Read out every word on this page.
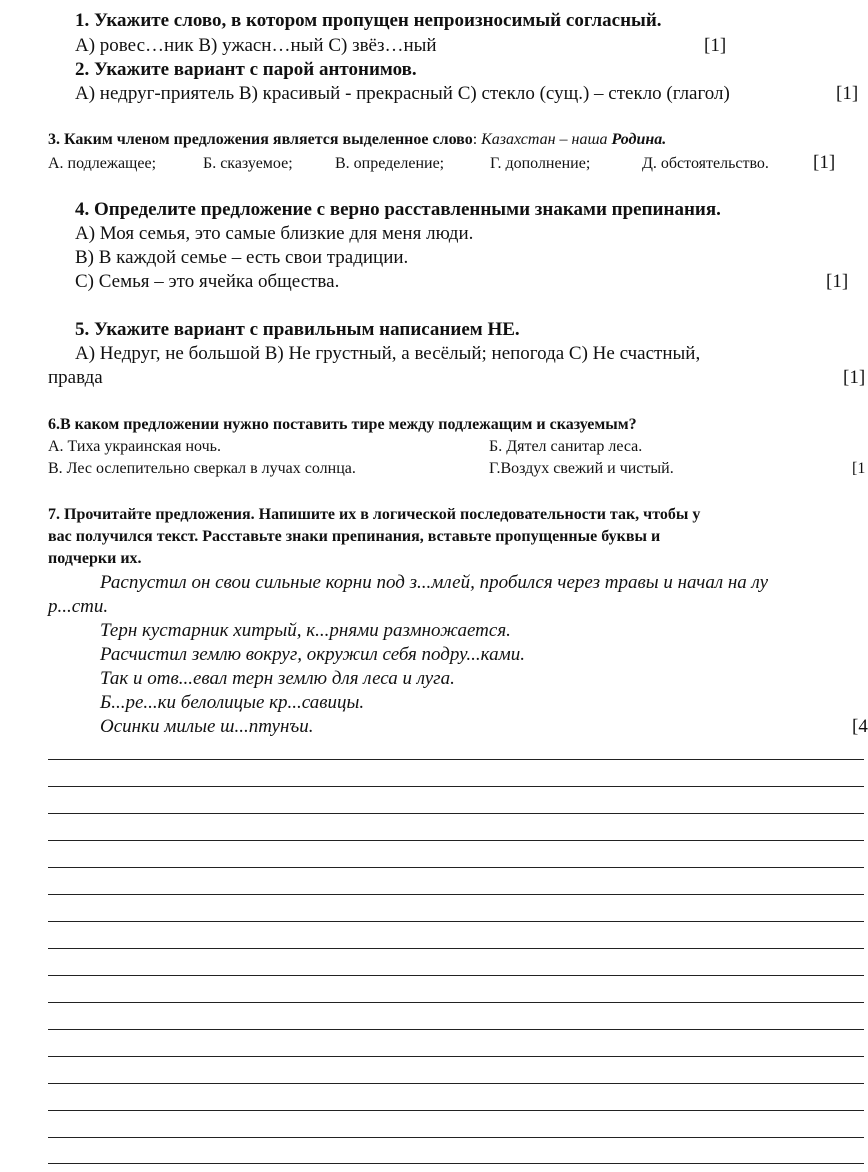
1. Укажите слово, в котором пропущен непроизносимый согласный.
А) ровес…ник В) ужасн…ный С) звёз…ный	[1]
2. Укажите вариант с парой антонимов.
А) недруг-приятель В) красивый - прекрасный С) стекло (сущ.) – стекло (глагол)	[1]
3. Каким членом предложения является выделенное слово: Казахстан – наша Родина.
А. подлежащее;	Б. сказуемое;	В. определение;	Г. дополнение;	Д. обстоятельство. [1]
4. Определите предложение с верно расставленными знаками препинания.
А) Моя семья, это самые близкие для меня люди.
В) В каждой семье – есть свои традиции.
С) Семья – это ячейка общества.	[1]
5. Укажите вариант с правильным написанием НЕ.
А) Недруг, не большой В) Не грустный, а весёлый; непогода С) Не счастный,
правда	[1]
6.В каком предложении нужно поставить тире между подлежащим и сказуемым?
А. Тиха украинская ночь.	Б. Дятел санитар леса.
В. Лес ослепительно сверкал в лучах солнца.	Г.Воздух свежий и чистый.	[1
7. Прочитайте предложения. Напишите их в логической последовательности так, чтобы у
вас получился текст. Расставьте знаки препинания, вставьте пропущенные буквы и
подчерки их.
Распустил он свои сильные корни под з...млей, пробился через травы и начал на лу
р...сти.
Терн кустарник хитрый, к...рнями размножается.
Расчистил землю вокруг, окружил себя подру...ками.
Так и отв...евал терн землю для леса и луга.
Б...ре...ки белолицые кр...савицы.
Осинки милые ш...птунъи.	[4
